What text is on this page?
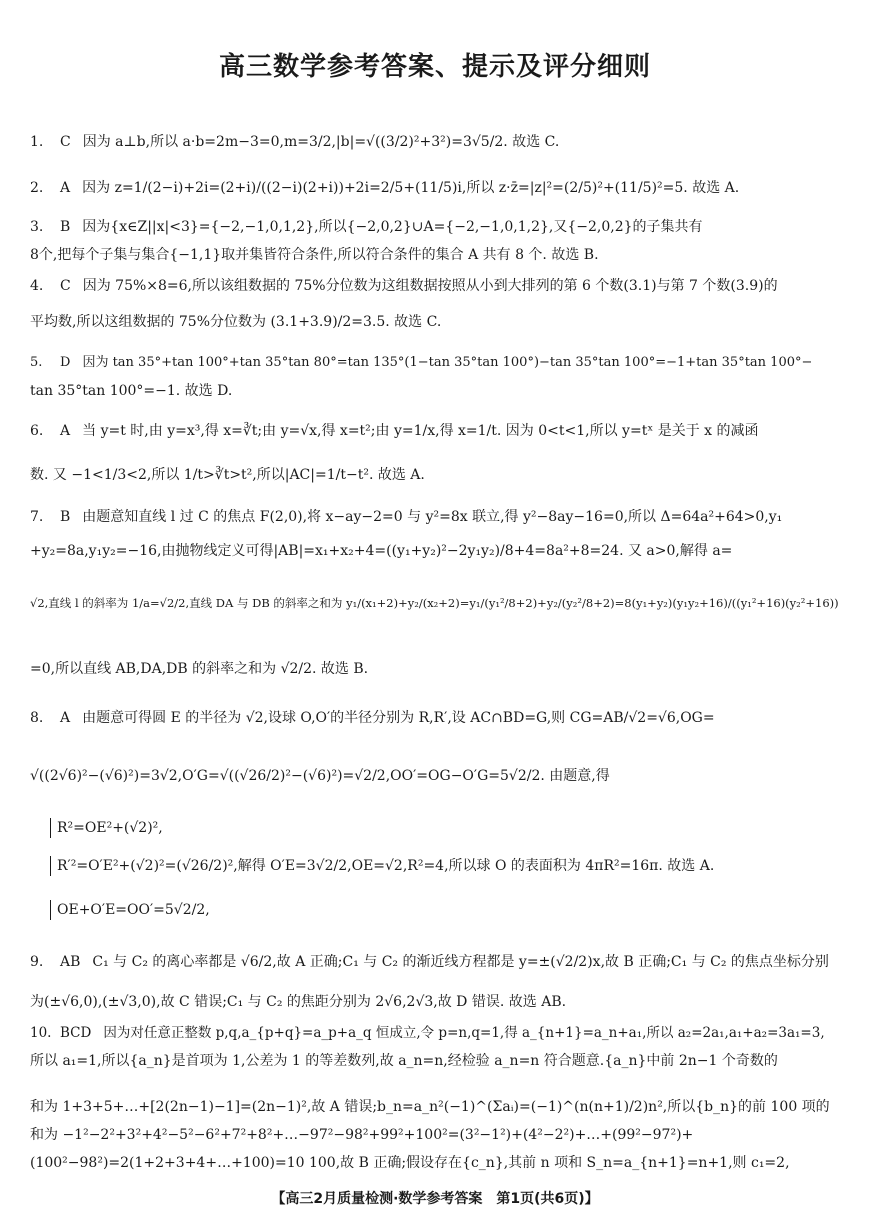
高三数学参考答案、提示及评分细则
1. C 因为 a⊥b,所以 a·b=2m−3=0,m=3/2,|b|=√((3/2)²+3²)=3√5/2. 故选 C.
2. A 因为 z=1/(2−i)+2i=(2+i)/((2−i)(2+i))+2i=2/5+(11/5)i,所以 z·z̄=|z|²=(2/5)²+(11/5)²=5. 故选 A.
3. B 因为{x∈Z||x|<3}={−2,−1,0,1,2},所以{−2,0,2}∪A={−2,−1,0,1,2},又{−2,0,2}的子集共有
8个,把每个子集与集合{−1,1}取并集皆符合条件,所以符合条件的集合 A 共有 8 个. 故选 B.
4. C 因为 75%×8=6,所以该组数据的 75%分位数为这组数据按照从小到大排列的第 6 个数(3.1)与第 7 个数(3.9)的
平均数,所以这组数据的 75%分位数为 (3.1+3.9)/2=3.5. 故选 C.
5. D 因为 tan 35°+tan 100°+tan 35°tan 80°=tan 135°(1−tan 35°tan 100°)−tan 35°tan 100°=−1+tan 35°tan 100°−
tan 35°tan 100°=−1. 故选 D.
6. A 当 y=t 时,由 y=x³,得 x=∛t;由 y=√x,得 x=t²;由 y=1/x,得 x=1/t. 因为 0<t<1,所以 y=tˣ 是关于 x 的减函
数. 又 −1<1/3<2,所以 1/t>∛t>t²,所以|AC|=1/t−t². 故选 A.
7. B 由题意知直线 l 过 C 的焦点 F(2,0),将 x−ay−2=0 与 y²=8x 联立,得 y²−8ay−16=0,所以 Δ=64a²+64>0,y₁
+y₂=8a,y₁y₂=−16,由抛物线定义可得|AB|=x₁+x₂+4=((y₁+y₂)²−2y₁y₂)/8+4=8a²+8=24. 又 a>0,解得 a=
√2,直线 l 的斜率为 1/a=√2/2,直线 DA 与 DB 的斜率之和为 y₁/(x₁+2)+y₂/(x₂+2)=y₁/(y₁²/8+2)+y₂/(y₂²/8+2)=8(y₁+y₂)(y₁y₂+16)/((y₁²+16)(y₂²+16))
=0,所以直线 AB,DA,DB 的斜率之和为 √2/2. 故选 B.
8. A 由题意可得圆 E 的半径为 √2,设球 O,O′的半径分别为 R,R′,设 AC∩BD=G,则 CG=AB/√2=√6,OG=
√((2√6)²−(√6)²)=3√2,O′G=√((√26/2)²−(√6)²)=√2/2,OO′=OG−O′G=5√2/2. 由题意,得
R²=OE²+(√2)²,
R′²=O′E²+(√2)²=(√26/2)²,解得 O′E=3√2/2,OE=√2,R²=4,所以球 O 的表面积为 4πR²=16π. 故选 A.
OE+O′E=OO′=5√2/2,
9. AB C₁ 与 C₂ 的离心率都是 √6/2,故 A 正确;C₁ 与 C₂ 的渐近线方程都是 y=±(√2/2)x,故 B 正确;C₁ 与 C₂ 的焦点坐标分别
为(±√6,0),(±√3,0),故 C 错误;C₁ 与 C₂ 的焦距分别为 2√6,2√3,故 D 错误. 故选 AB.
10. BCD 因为对任意正整数 p,q,a_{p+q}=a_p+a_q 恒成立,令 p=n,q=1,得 a_{n+1}=a_n+a₁,所以 a₂=2a₁,a₁+a₂=3a₁=3,
所以 a₁=1,所以{a_n}是首项为 1,公差为 1 的等差数列,故 a_n=n,经检验 a_n=n 符合题意.{a_n}中前 2n−1 个奇数的
和为 1+3+5+…+[2(2n−1)−1]=(2n−1)²,故 A 错误;b_n=a_n²(−1)^(Σaᵢ)=(−1)^(n(n+1)/2)n²,所以{b_n}的前 100 项的
和为 −1²−2²+3²+4²−5²−6²+7²+8²+…−97²−98²+99²+100²=(3²−1²)+(4²−2²)+…+(99²−97²)+
(100²−98²)=2(1+2+3+4+…+100)=10 100,故 B 正确;假设存在{c_n},其前 n 项和 S_n=a_{n+1}=n+1,则 c₁=2,
【高三2月质量检测·数学参考答案　第1页(共6页)】
